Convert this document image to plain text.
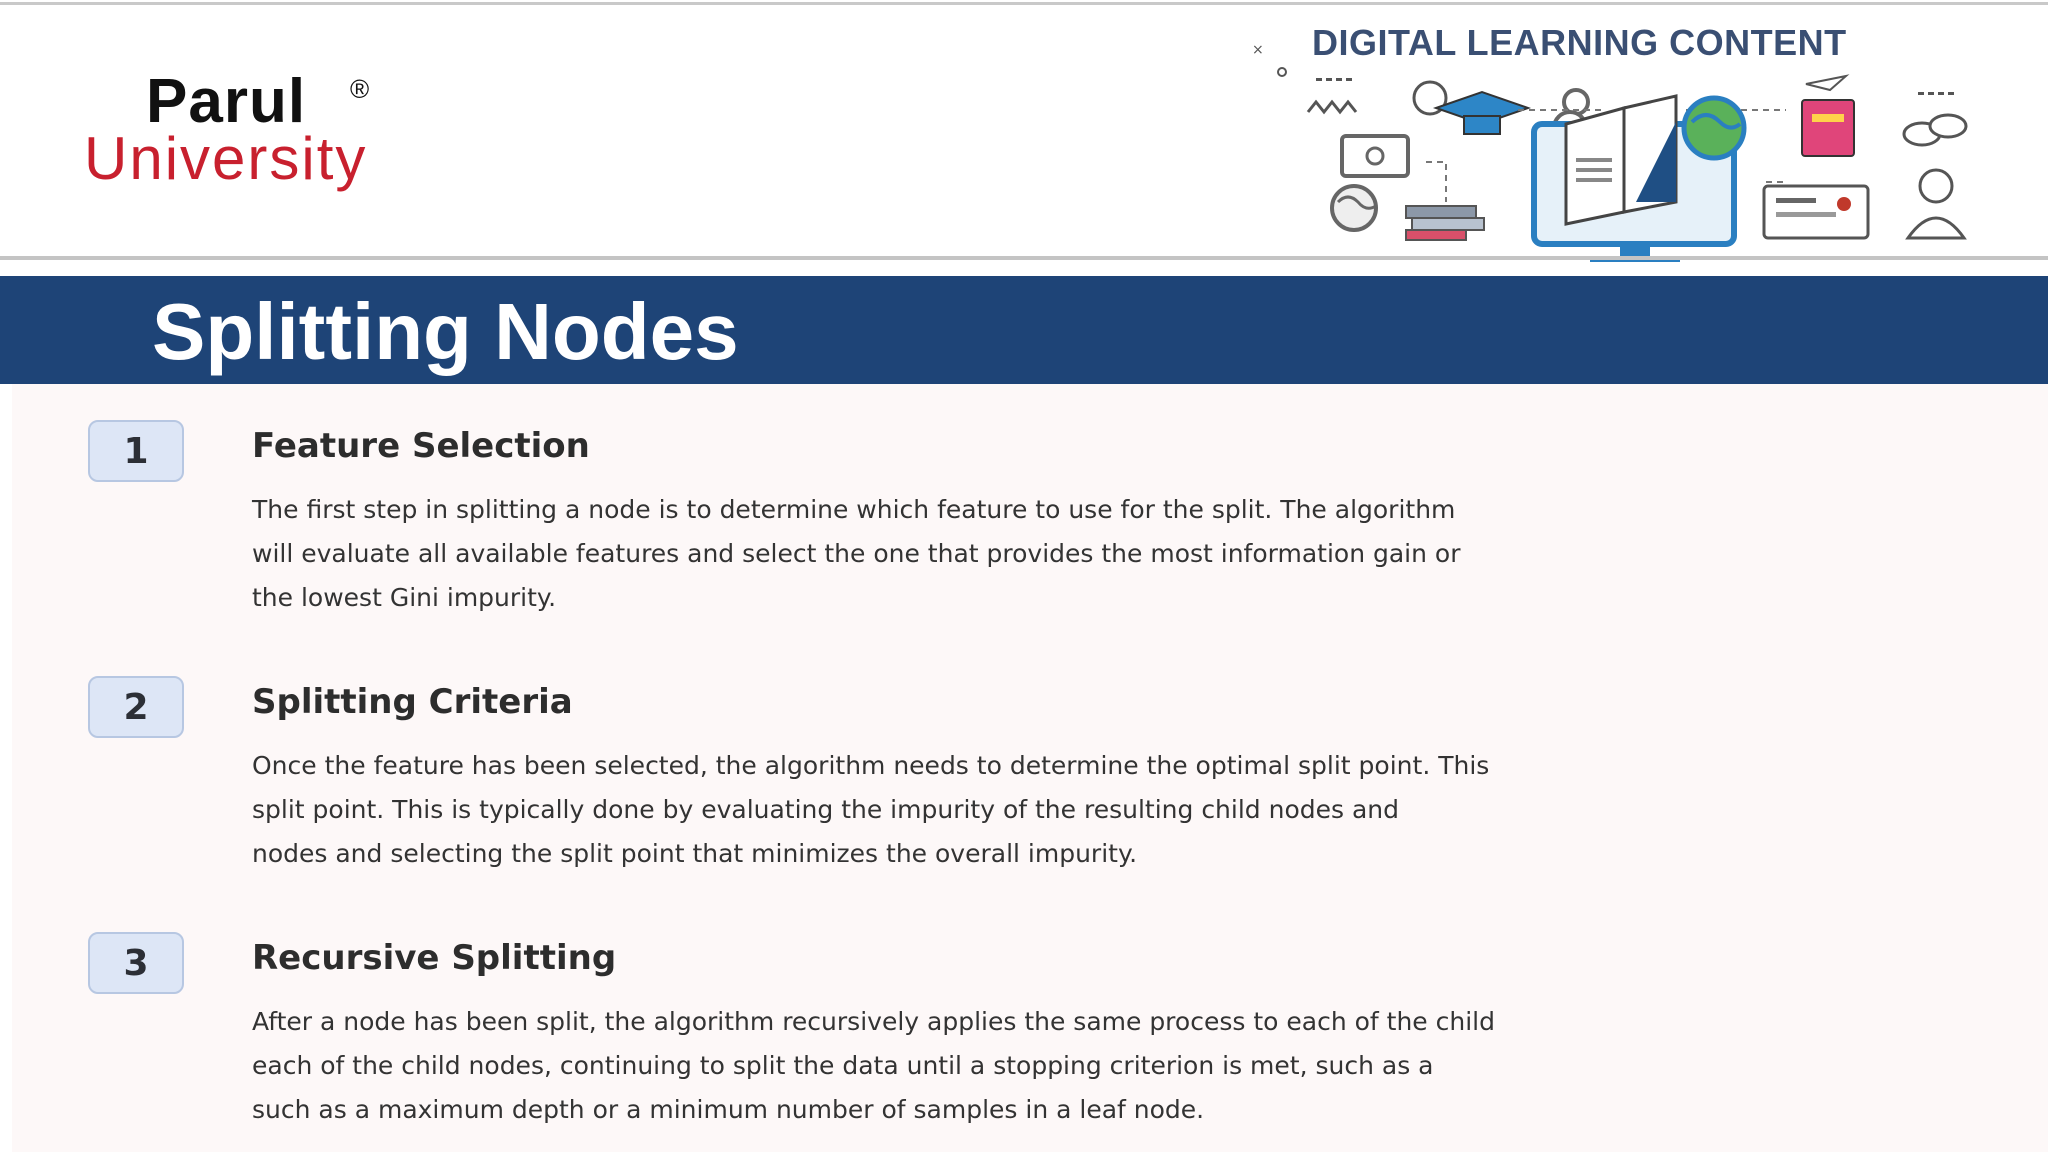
Parul ®
University
DIGITAL LEARNING CONTENT
×
Splitting Nodes
1	Feature Selection
The first step in splitting a node is to determine which feature to use for the split. The algorithm
will evaluate all available features and select the one that provides the most information gain or
the lowest Gini impurity.
2	Splitting Criteria
Once the feature has been selected, the algorithm needs to determine the optimal split point. This
split point. This is typically done by evaluating the impurity of the resulting child nodes and
nodes and selecting the split point that minimizes the overall impurity.
3	Recursive Splitting
After a node has been split, the algorithm recursively applies the same process to each of the child
each of the child nodes, continuing to split the data until a stopping criterion is met, such as a
such as a maximum depth or a minimum number of samples in a leaf node.
